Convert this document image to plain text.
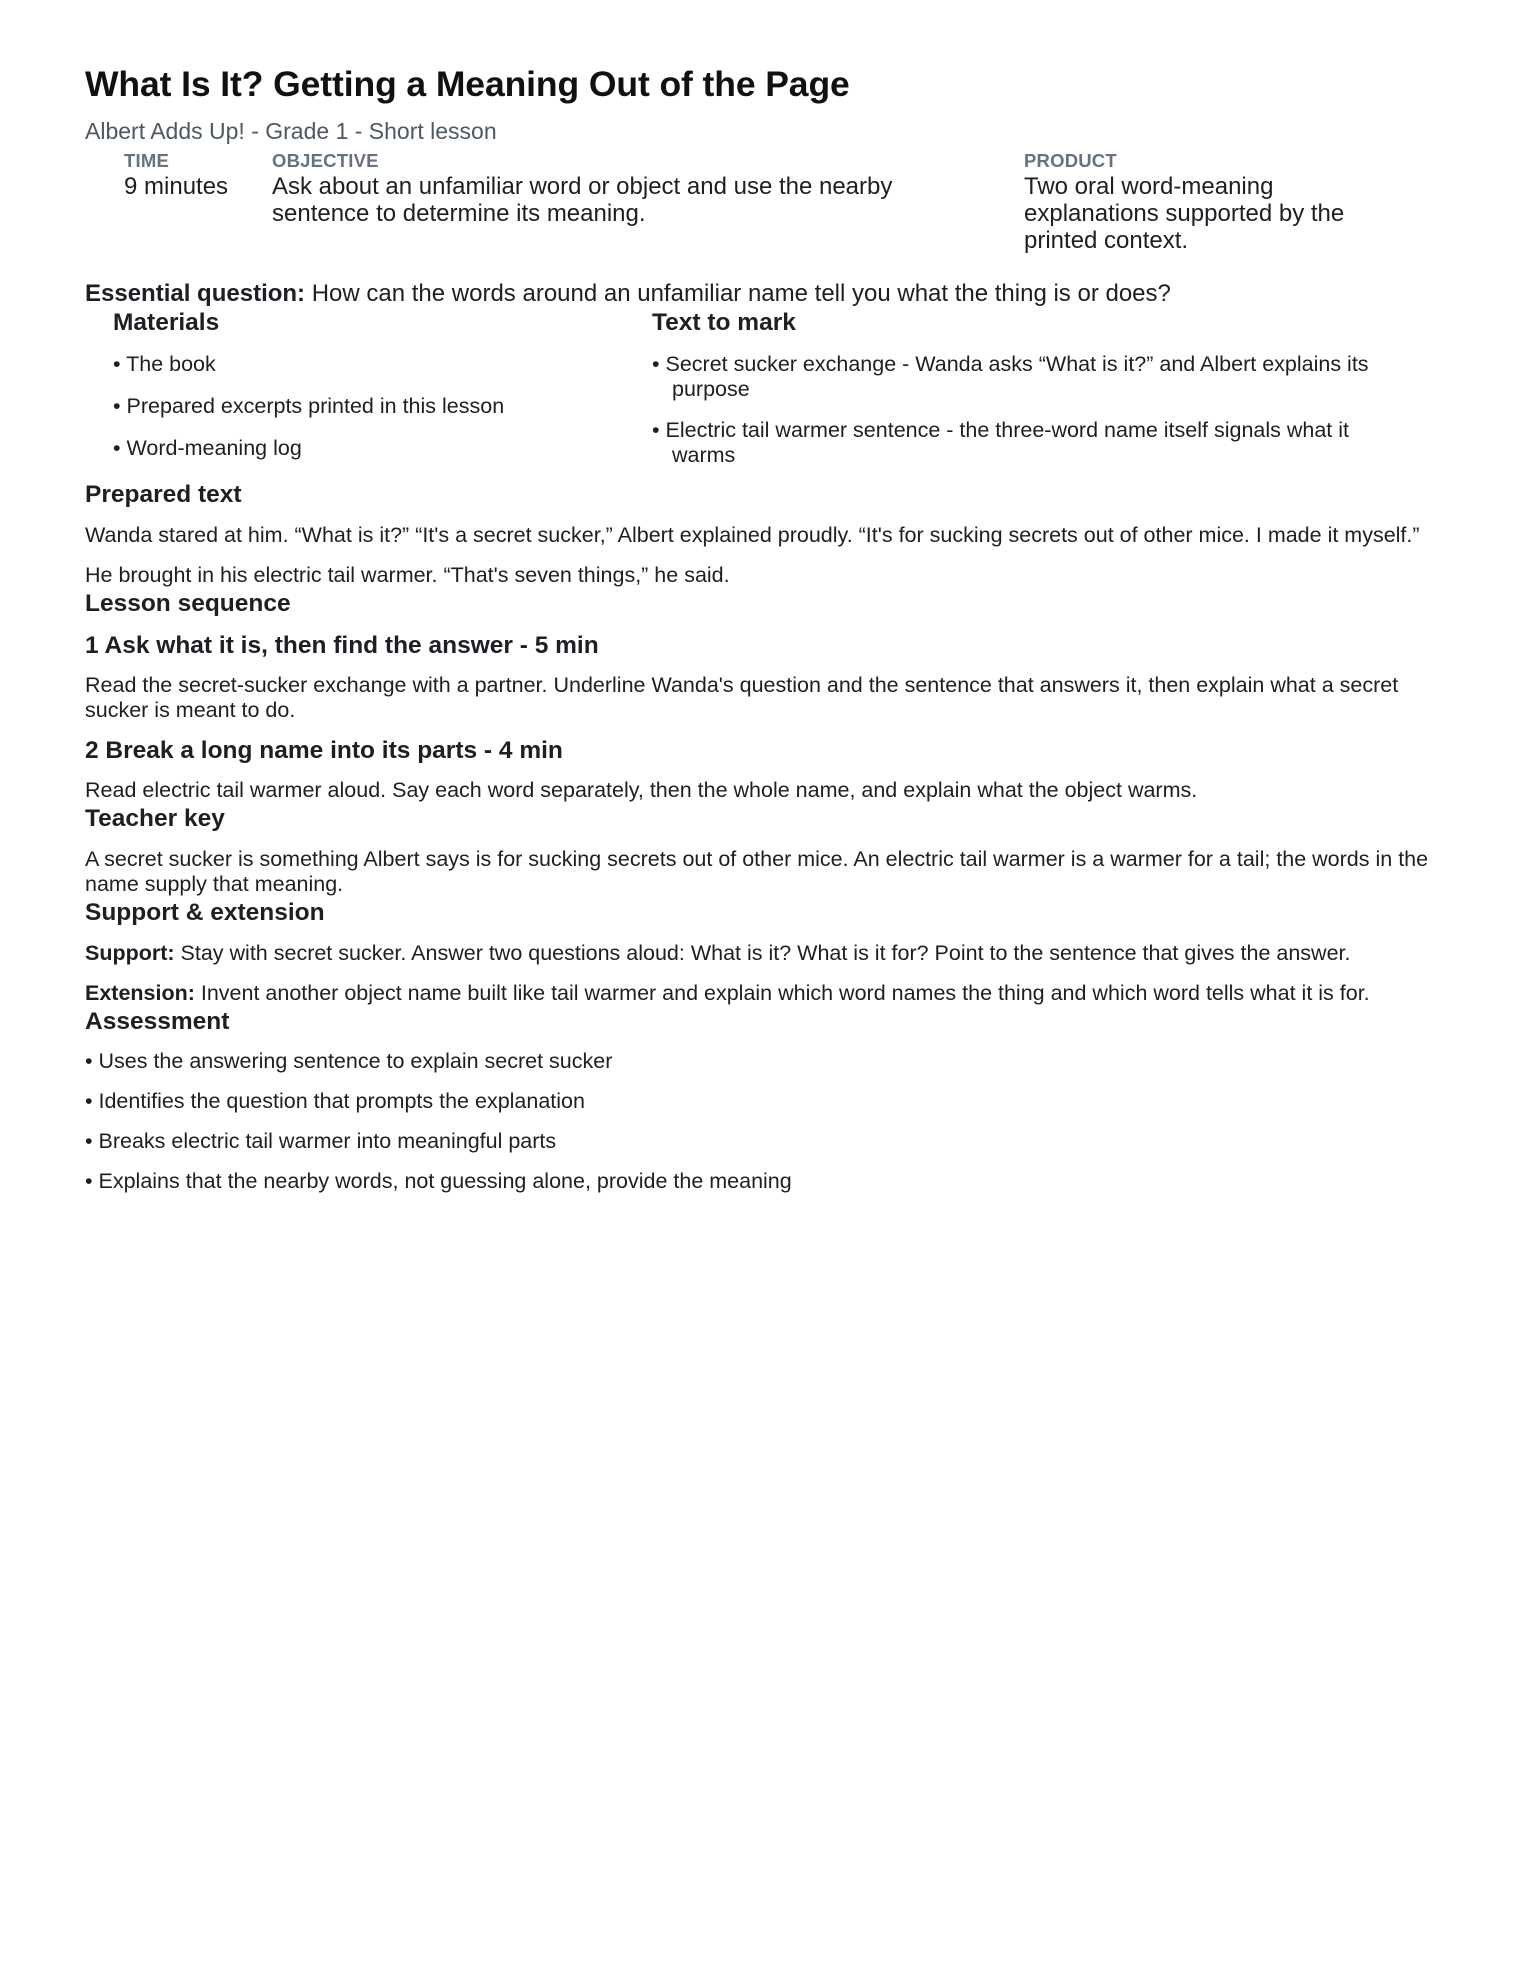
What Is It? Getting a Meaning Out of the Page
Albert Adds Up! - Grade 1 - Short lesson
TIME
9 minutes
OBJECTIVE
Ask about an unfamiliar word or object and use the nearby sentence to determine its meaning.
PRODUCT
Two oral word-meaning explanations supported by the printed context.
Essential question: How can the words around an unfamiliar name tell you what the thing is or does?
Materials
• The book
• Prepared excerpts printed in this lesson
• Word-meaning log
Text to mark
• Secret sucker exchange - Wanda asks “What is it?” and Albert explains its purpose
• Electric tail warmer sentence - the three-word name itself signals what it warms
Prepared text

Wanda stared at him. “What is it?” “It's a secret sucker,” Albert explained proudly. “It's for sucking secrets out of other mice. I made it myself.”

He brought in his electric tail warmer. “That's seven things,” he said.

Lesson sequence
1 Ask what it is, then find the answer - 5 min

Read the secret-sucker exchange with a partner. Underline Wanda's question and the sentence that answers it, then explain what a secret sucker is meant to do.

2 Break a long name into its parts - 4 min

Read electric tail warmer aloud. Say each word separately, then the whole name, and explain what the object warms.

Teacher key

A secret sucker is something Albert says is for sucking secrets out of other mice. An electric tail warmer is a warmer for a tail; the words in the name supply that meaning.

Support & extension

Support: Stay with secret sucker. Answer two questions aloud: What is it? What is it for? Point to the sentence that gives the answer.

Extension: Invent another object name built like tail warmer and explain which word names the thing and which word tells what it is for.

Assessment
• Uses the answering sentence to explain secret sucker
• Identifies the question that prompts the explanation
• Breaks electric tail warmer into meaningful parts
• Explains that the nearby words, not guessing alone, provide the meaning
